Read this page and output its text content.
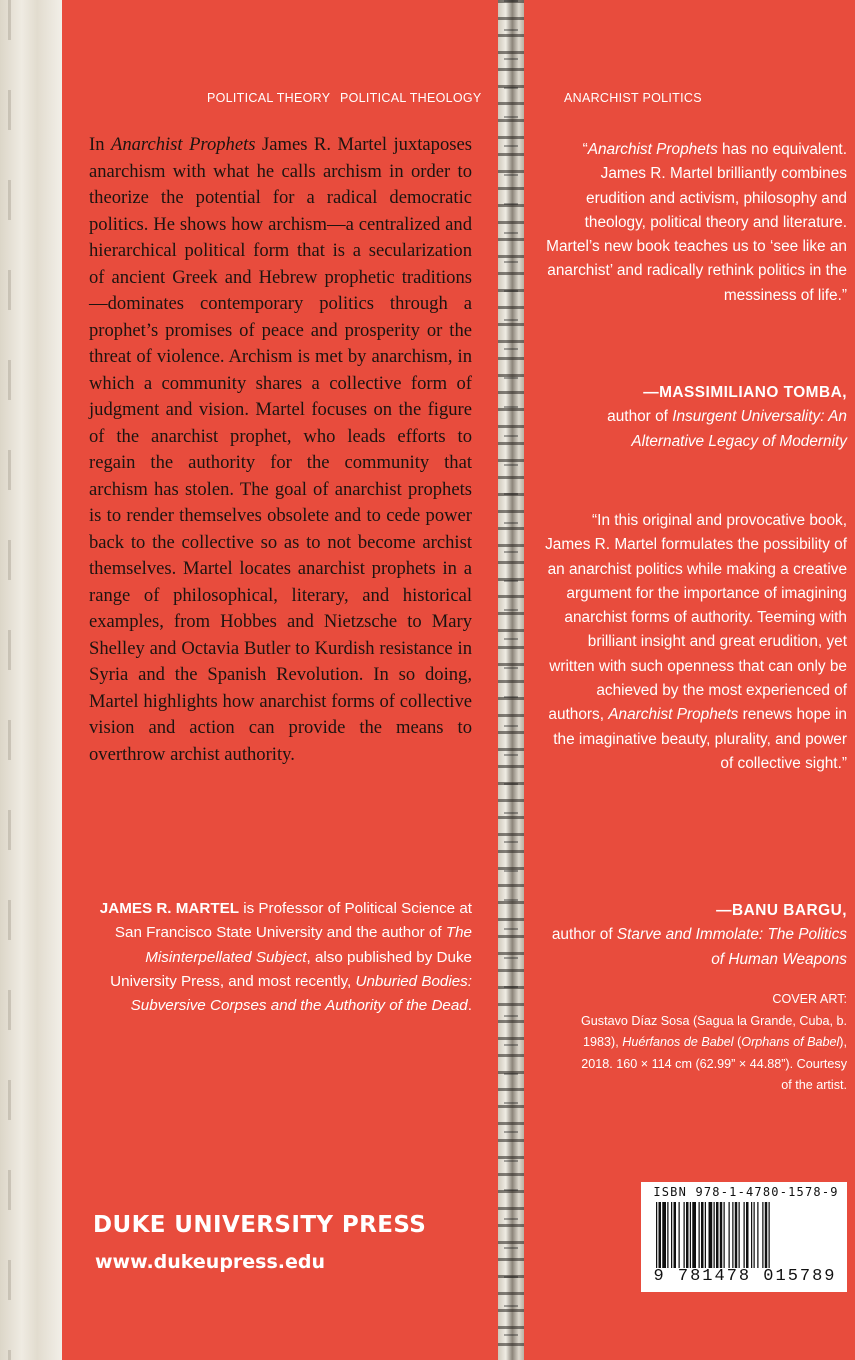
POLITICAL THEORY POLITICAL THEOLOGY	ANARCHIST POLITICS

In Anarchist Prophets James R. Martel juxtaposes anarchism with what he calls archism in order to theorize the potential for a radical democratic politics. He shows how archism—a centralized and hierarchical political form that is a secularization of ancient Greek and Hebrew prophetic traditions—dominates contemporary politics through a prophet’s promises of peace and prosperity or the threat of violence. Archism is met by anarchism, in which a community shares a collective form of judgment and vision. Martel focuses on the figure of the anarchist prophet, who leads efforts to regain the authority for the community that archism has stolen. The goal of anarchist prophets is to render themselves obsolete and to cede power back to the collective so as to not become archist themselves. Martel locates anarchist prophets in a range of philosophical, literary, and historical examples, from Hobbes and Nietzsche to Mary Shelley and Octavia Butler to Kurdish resistance in Syria and the Spanish Revolution. In so doing, Martel highlights how anarchist forms of collective vision and action can provide the means to overthrow archist authority.

JAMES R. MARTEL is Professor of Political Science at San Francisco State University and the author of The Misinterpellated Subject, also published by Duke University Press, and most recently, Unburied Bodies: Subversive Corpses and the Authority of the Dead.

DUKE UNIVERSITY PRESS
www.dukeupress.edu

“Anarchist Prophets has no equivalent. James R. Martel brilliantly combines erudition and activism, philosophy and theology, political theory and literature. Martel’s new book teaches us to ‘see like an anarchist’ and radically rethink politics in the messiness of life.”

—MASSIMILIANO TOMBA,
author of Insurgent Universality: An Alternative Legacy of Modernity

“In this original and provocative book, James R. Martel formulates the possibility of an anarchist politics while making a creative argument for the importance of imagining anarchist forms of authority. Teeming with brilliant insight and great erudition, yet written with such openness that can only be achieved by the most experienced of authors, Anarchist Prophets renews hope in the imaginative beauty, plurality, and power of collective sight.”

—BANU BARGU,
author of Starve and Immolate: The Politics of Human Weapons

COVER ART:
Gustavo Díaz Sosa (Sagua la Grande, Cuba, b. 1983), Huérfanos de Babel (Orphans of Babel), 2018. 160 × 114 cm (62.99” × 44.88”). Courtesy of the artist.

ISBN 978-1-4780-1578-9
9 781478 015789
